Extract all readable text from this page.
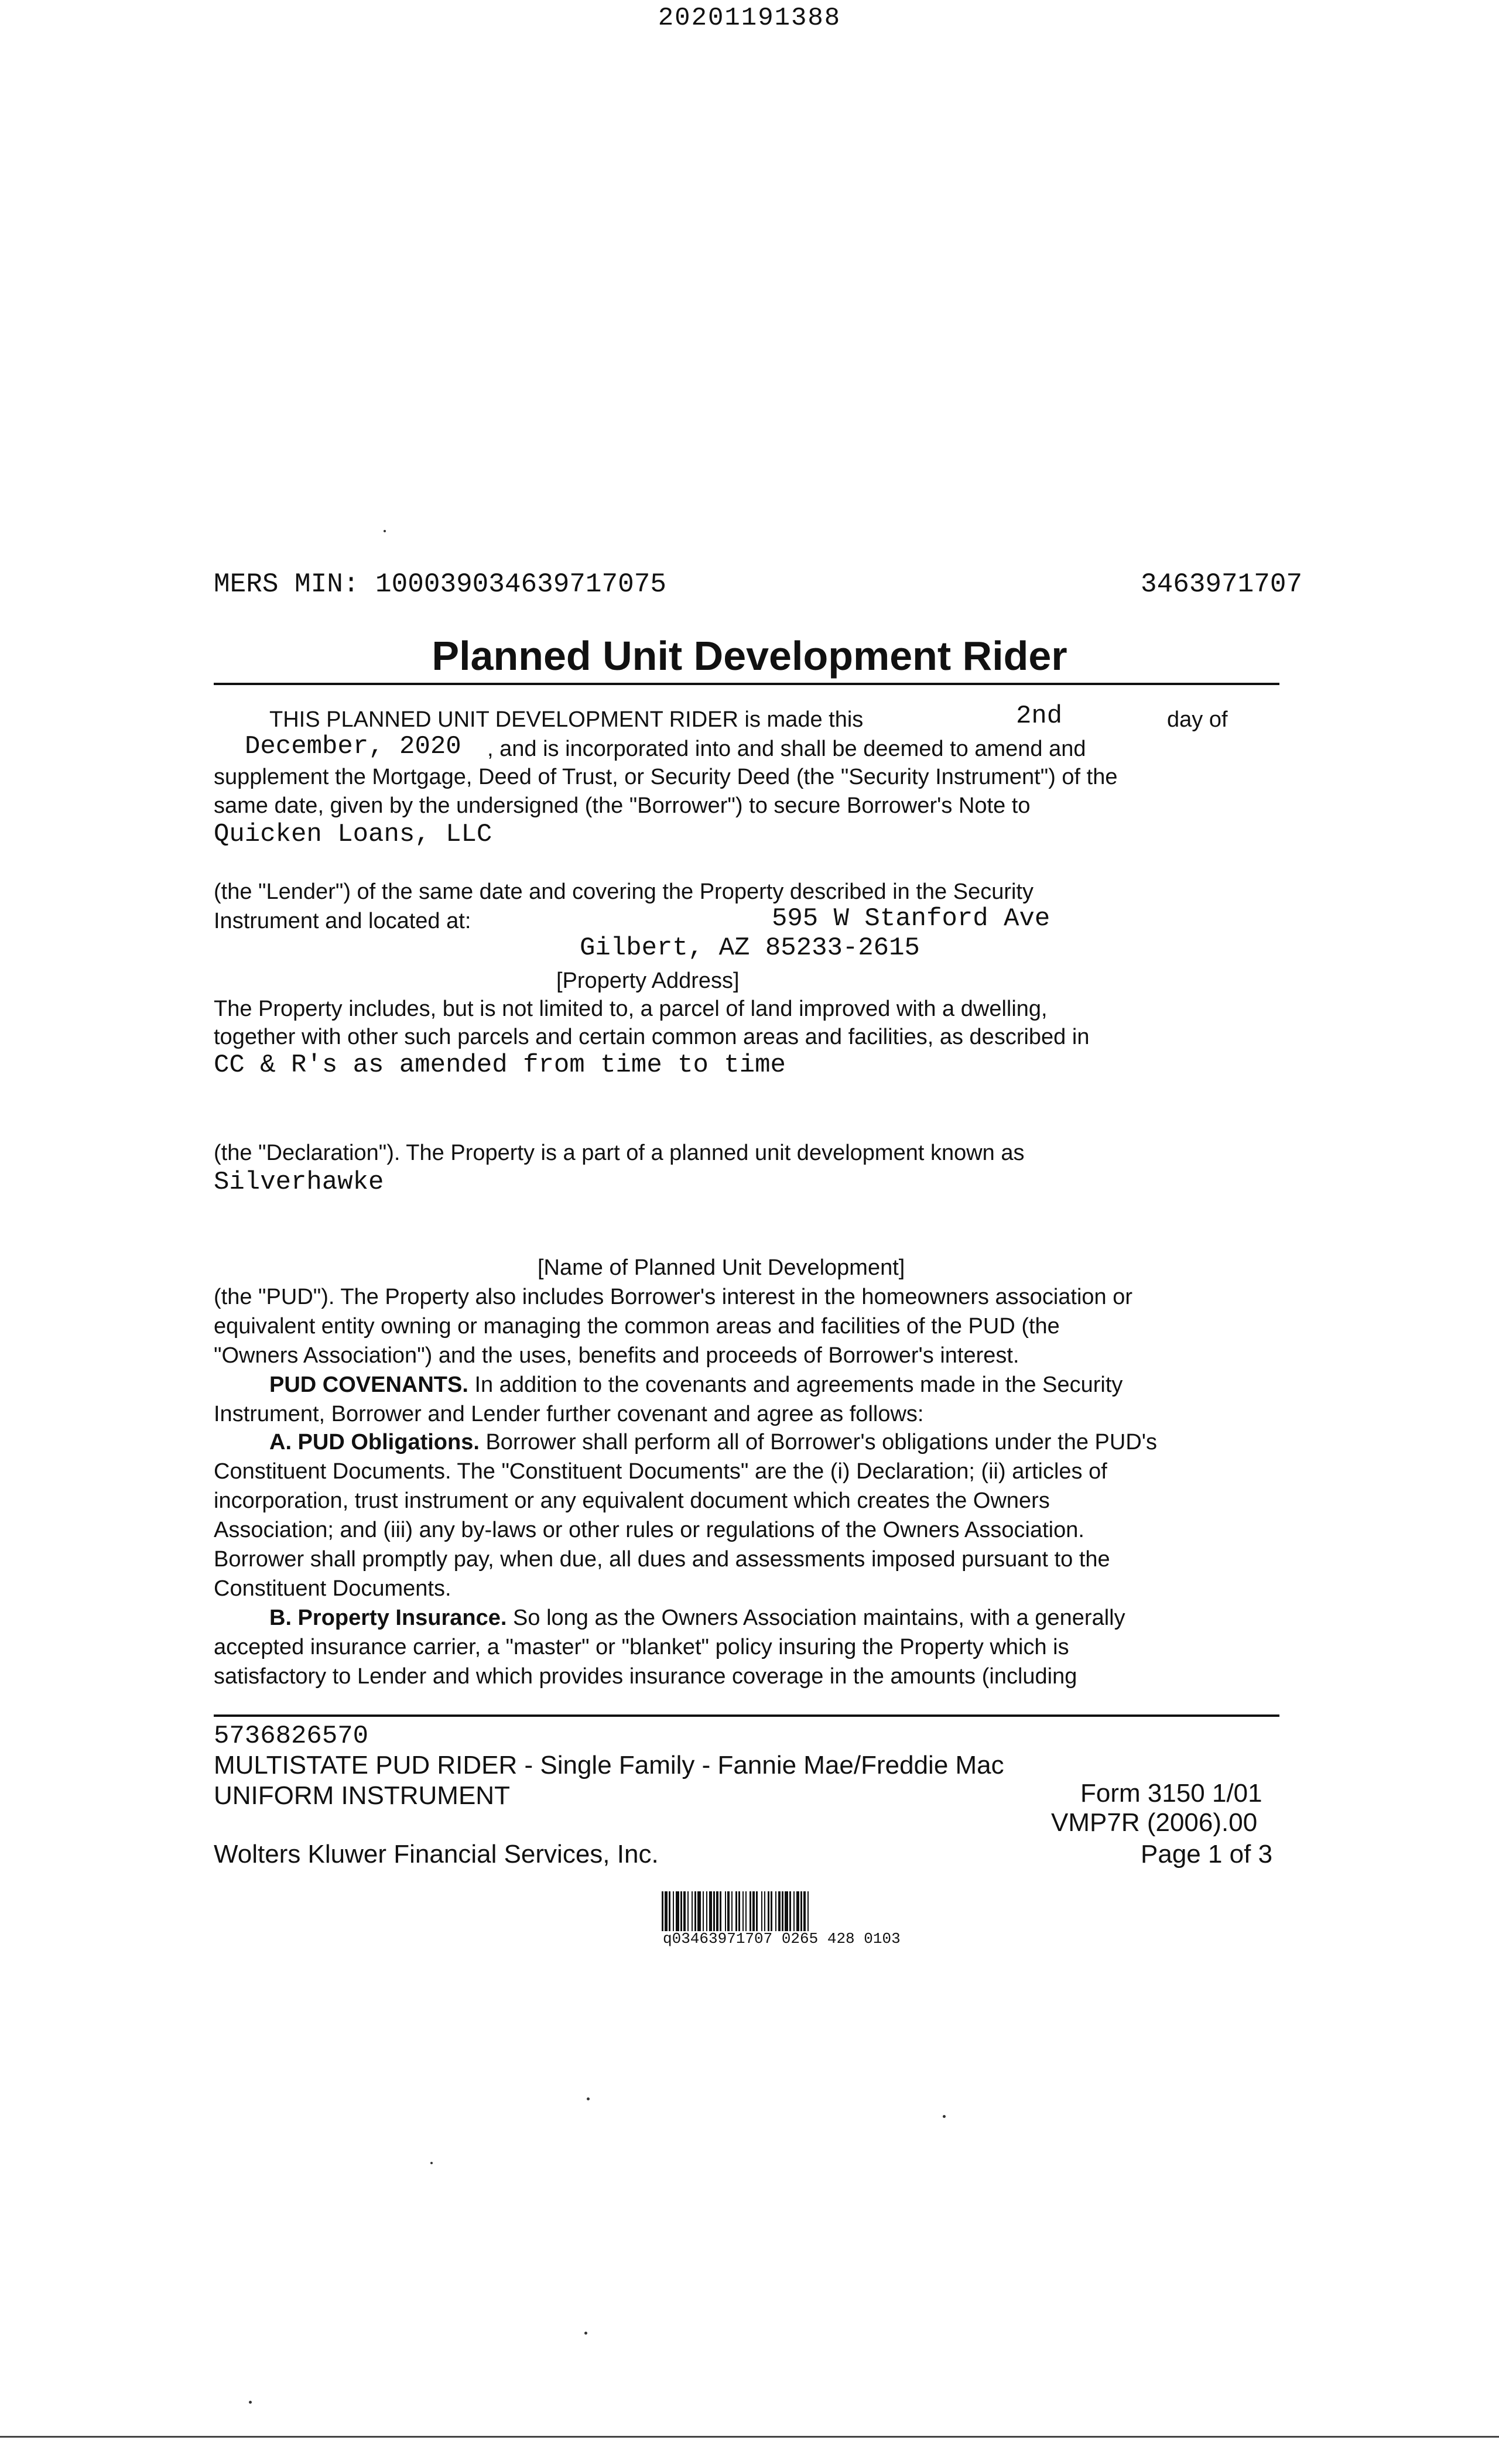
20201191388
MERS MIN: 100039034639717075	3463971707
Planned Unit Development Rider
THIS PLANNED UNIT DEVELOPMENT RIDER is made this	2nd	day of
December, 2020 , and is incorporated into and shall be deemed to amend and
supplement the Mortgage, Deed of Trust, or Security Deed (the "Security Instrument") of the
same date, given by the undersigned (the "Borrower") to secure Borrower's Note to
Quicken Loans, LLC
(the "Lender") of the same date and covering the Property described in the Security
Instrument and located at:	595 W Stanford Ave
Gilbert, AZ 85233-2615
[Property Address]
The Property includes, but is not limited to, a parcel of land improved with a dwelling,
together with other such parcels and certain common areas and facilities, as described in
CC & R's as amended from time to time
(the "Declaration"). The Property is a part of a planned unit development known as
Silverhawke
[Name of Planned Unit Development]
(the "PUD"). The Property also includes Borrower's interest in the homeowners association or
equivalent entity owning or managing the common areas and facilities of the PUD (the
"Owners Association") and the uses, benefits and proceeds of Borrower's interest.
PUD COVENANTS. In addition to the covenants and agreements made in the Security
Instrument, Borrower and Lender further covenant and agree as follows:
A. PUD Obligations. Borrower shall perform all of Borrower's obligations under the PUD's
Constituent Documents. The "Constituent Documents" are the (i) Declaration; (ii) articles of
incorporation, trust instrument or any equivalent document which creates the Owners
Association; and (iii) any by-laws or other rules or regulations of the Owners Association.
Borrower shall promptly pay, when due, all dues and assessments imposed pursuant to the
Constituent Documents.
B. Property Insurance. So long as the Owners Association maintains, with a generally
accepted insurance carrier, a "master" or "blanket" policy insuring the Property which is
satisfactory to Lender and which provides insurance coverage in the amounts (including
5736826570
MULTISTATE PUD RIDER - Single Family - Fannie Mae/Freddie Mac
UNIFORM INSTRUMENT	Form 3150 1/01
VMP7R (2006).00
Wolters Kluwer Financial Services, Inc.	Page 1 of 3
q03463971707 0265 428 0103
